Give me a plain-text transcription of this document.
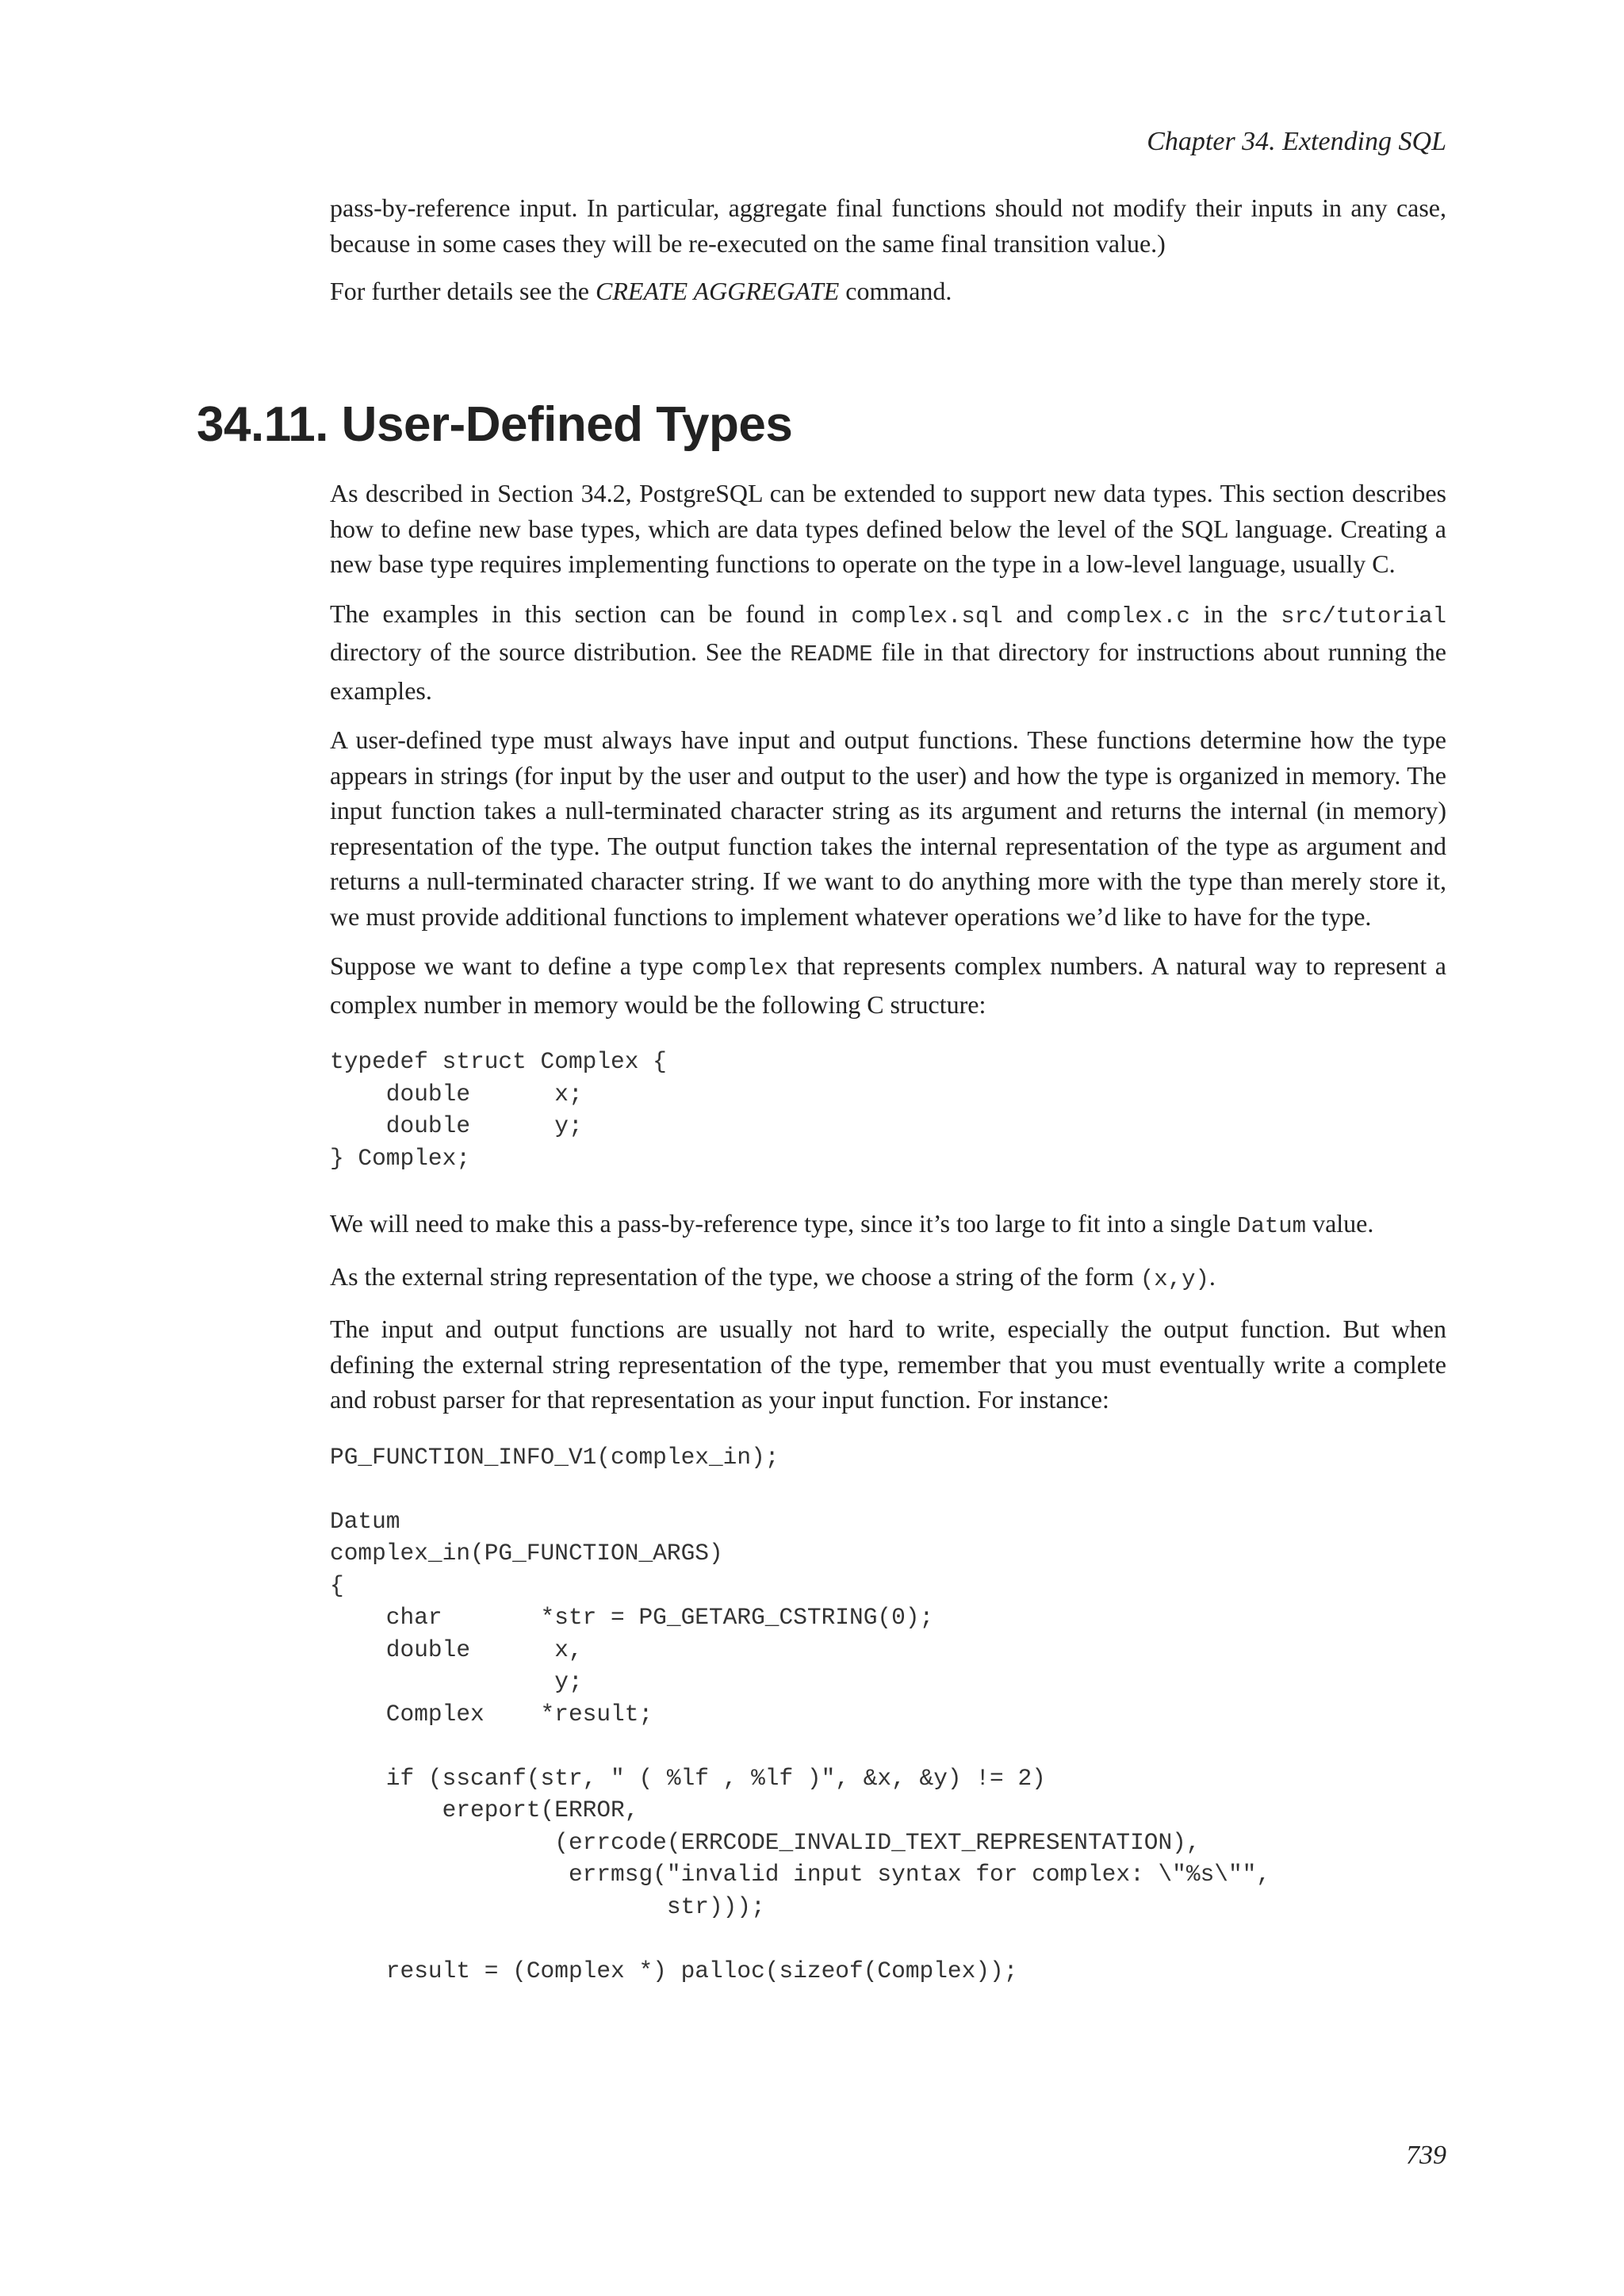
Chapter 34. Extending SQL

pass-by-reference input. In particular, aggregate final functions should not modify their inputs in any case, because in some cases they will be re-executed on the same final transition value.)

For further details see the CREATE AGGREGATE command.

34.11. User-Defined Types

As described in Section 34.2, PostgreSQL can be extended to support new data types. This section describes how to define new base types, which are data types defined below the level of the SQL language. Creating a new base type requires implementing functions to operate on the type in a low-level language, usually C.

The examples in this section can be found in complex.sql and complex.c in the src/tutorial directory of the source distribution. See the README file in that directory for instructions about running the examples.

A user-defined type must always have input and output functions. These functions determine how the type appears in strings (for input by the user and output to the user) and how the type is organized in memory. The input function takes a null-terminated character string as its argument and returns the internal (in memory) representation of the type. The output function takes the internal representation of the type as argument and returns a null-terminated character string. If we want to do anything more with the type than merely store it, we must provide additional functions to implement whatever operations we’d like to have for the type.

Suppose we want to define a type complex that represents complex numbers. A natural way to represent a complex number in memory would be the following C structure:

typedef struct Complex {
double      x;
double      y;
} Complex;

We will need to make this a pass-by-reference type, since it’s too large to fit into a single Datum value.

As the external string representation of the type, we choose a string of the form (x,y).

The input and output functions are usually not hard to write, especially the output function. But when defining the external string representation of the type, remember that you must eventually write a complete and robust parser for that representation as your input function. For instance:

PG_FUNCTION_INFO_V1(complex_in);

Datum
complex_in(PG_FUNCTION_ARGS)
{
char       *str = PG_GETARG_CSTRING(0);
double      x,
y;
Complex    *result;

if (sscanf(str, " ( %lf , %lf )", &x, &y) != 2)
ereport(ERROR,
(errcode(ERRCODE_INVALID_TEXT_REPRESENTATION),
errmsg("invalid input syntax for complex: \"%s\"",
str)));

result = (Complex *) palloc(sizeof(Complex));
739
